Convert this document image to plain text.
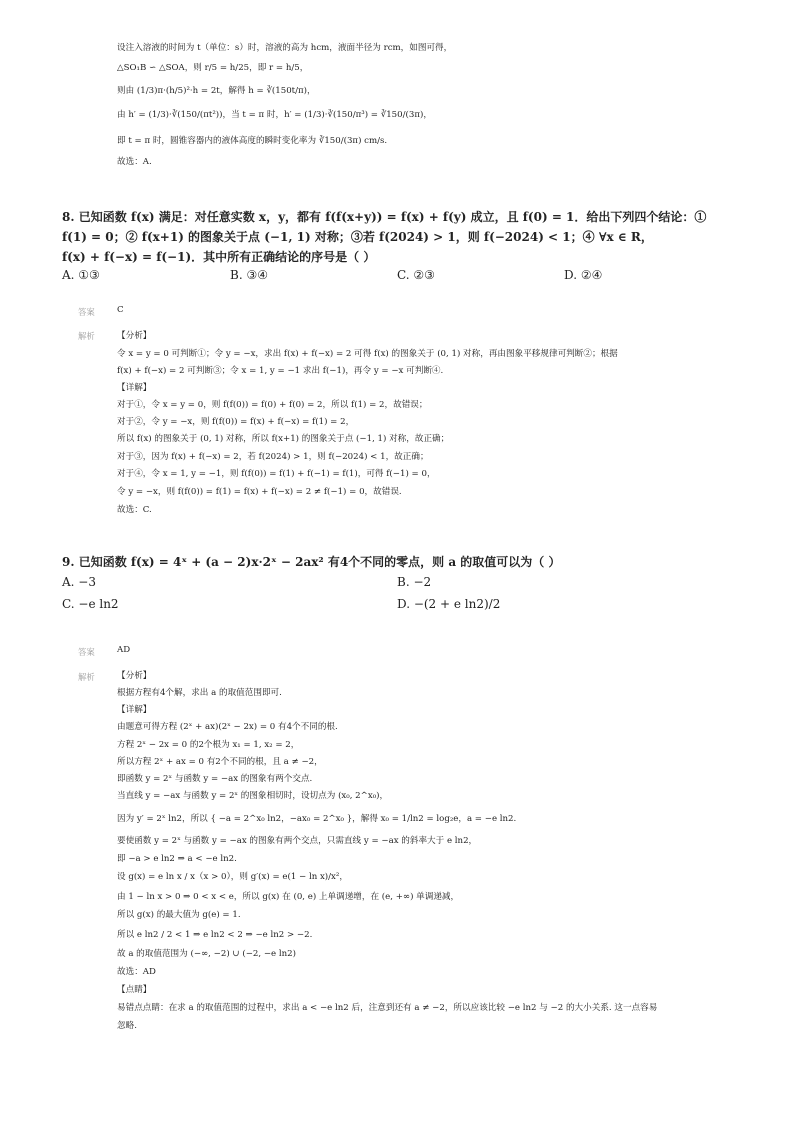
设注入溶液的时间为 t（单位：s）时，溶液的高为 hcm，液面半径为 rcm，如图可得，
△SO₁B ∽ △SOA，则 r/5 = h/25，即 r = h/5，
则由 (1/3)π·(h/5)²·h = 2t，解得 h = ∛(150t/π)，
由 h′ = (1/3)·∛(150/(πt²))，当 t = π 时，h′ = (1/3)·∛(150/π³) = ∛150/(3π)，
即 t = π 时，圆锥容器内的液体高度的瞬时变化率为 ∛150/(3π) cm/s.
故选：A.
8. 已知函数 f(x) 满足：对任意实数 x，y，都有 f(f(x+y)) = f(x) + f(y) 成立，且 f(0) = 1．给出下列四个结论：①
f(1) = 0；② f(x+1) 的图象关于点 (−1, 1) 对称；③若 f(2024) > 1，则 f(−2024) < 1；④ ∀x ∈ R，
f(x) + f(−x) = f(−1)．其中所有正确结论的序号是（ ）
A. ①③	B. ③④	C. ②③	D. ②④
答案	C
解析	【分析】
令 x = y = 0 可判断①；令 y = −x，求出 f(x) + f(−x) = 2 可得 f(x) 的图象关于 (0, 1) 对称，再由图象平移规律可判断②；根据
f(x) + f(−x) = 2 可判断③；令 x = 1, y = −1 求出 f(−1)，再令 y = −x 可判断④.
【详解】
对于①，令 x = y = 0，则 f(f(0)) = f(0) + f(0) = 2，所以 f(1) = 2，故错误；
对于②，令 y = −x，则 f(f(0)) = f(x) + f(−x) = f(1) = 2，
所以 f(x) 的图象关于 (0, 1) 对称，所以 f(x+1) 的图象关于点 (−1, 1) 对称，故正确；
对于③，因为 f(x) + f(−x) = 2，若 f(2024) > 1，则 f(−2024) < 1，故正确；
对于④，令 x = 1, y = −1，则 f(f(0)) = f(1) + f(−1) = f(1)，可得 f(−1) = 0，
令 y = −x，则 f(f(0)) = f(1) = f(x) + f(−x) = 2 ≠ f(−1) = 0，故错误.
故选：C.
9. 已知函数 f(x) = 4ˣ + (a − 2)x·2ˣ − 2ax² 有4个不同的零点，则 a 的取值可以为（ ）
A. −3	B. −2
C. −e ln2	D. −(2 + e ln2)/2
答案	AD
解析	【分析】
根据方程有4个解，求出 a 的取值范围即可.
【详解】
由题意可得方程 (2ˣ + ax)(2ˣ − 2x) = 0 有4个不同的根.
方程 2ˣ − 2x = 0 的2个根为 x₁ = 1, x₂ = 2，
所以方程 2ˣ + ax = 0 有2个不同的根，且 a ≠ −2，
即函数 y = 2ˣ 与函数 y = −ax 的图象有两个交点.
当直线 y = −ax 与函数 y = 2ˣ 的图象相切时，设切点为 (x₀, 2^x₀)，
因为 y′ = 2ˣ ln2，所以 { −a = 2^x₀ ln2，−ax₀ = 2^x₀ }，解得 x₀ = 1/ln2 = log₂e，a = −e ln2.
要使函数 y = 2ˣ 与函数 y = −ax 的图象有两个交点，只需直线 y = −ax 的斜率大于 e ln2，
即 −a > e ln2 ⇒ a < −e ln2.
设 g(x) = e ln x / x（x > 0），则 g′(x) = e(1 − ln x)/x²，
由 1 − ln x > 0 ⇒ 0 < x < e，所以 g(x) 在 (0, e) 上单调递增，在 (e, +∞) 单调递减，
所以 g(x) 的最大值为 g(e) = 1.
所以 e ln2 / 2 < 1 ⇒ e ln2 < 2 ⇒ −e ln2 > −2.
故 a 的取值范围为 (−∞, −2) ∪ (−2, −e ln2)
故选：AD
【点睛】
易错点点睛：在求 a 的取值范围的过程中，求出 a < −e ln2 后，注意到还有 a ≠ −2，所以应该比较 −e ln2 与 −2 的大小关系. 这一点容易
忽略.
